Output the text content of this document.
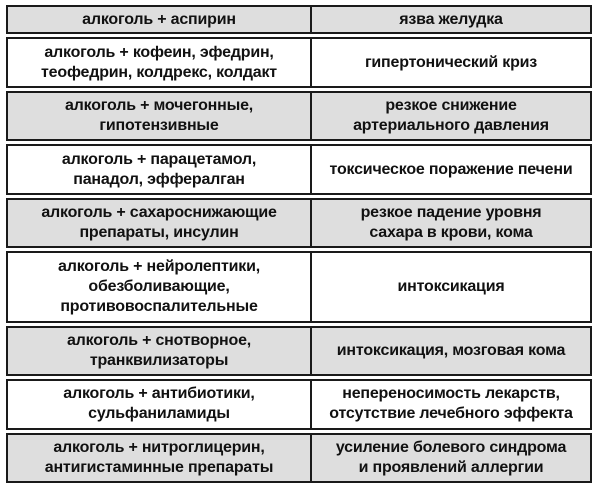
алкоголь + аспирин	язва желудка

алкоголь + кофеин, эфедрин,
теофедрин, колдрекс, колдакт	гипертонический криз

алкоголь + мочегонные,
гипотензивные	резкое снижение
артериального давления

алкоголь + парацетамол,
панадол, эффералган	токсическое поражение печени

алкоголь + сахароснижающие
препараты, инсулин	резкое падение уровня
сахара в крови, кома

алкоголь + нейролептики,
обезболивающие,
противовоспалительные	интоксикация

алкоголь + снотворное,
транквилизаторы	интоксикация, мозговая кома

алкоголь + антибиотики,
сульфаниламиды	непереносимость лекарств,
отсутствие лечебного эффекта

алкоголь + нитроглицерин,
антигистаминные препараты	усиление болевого синдрома
и проявлений аллергии
